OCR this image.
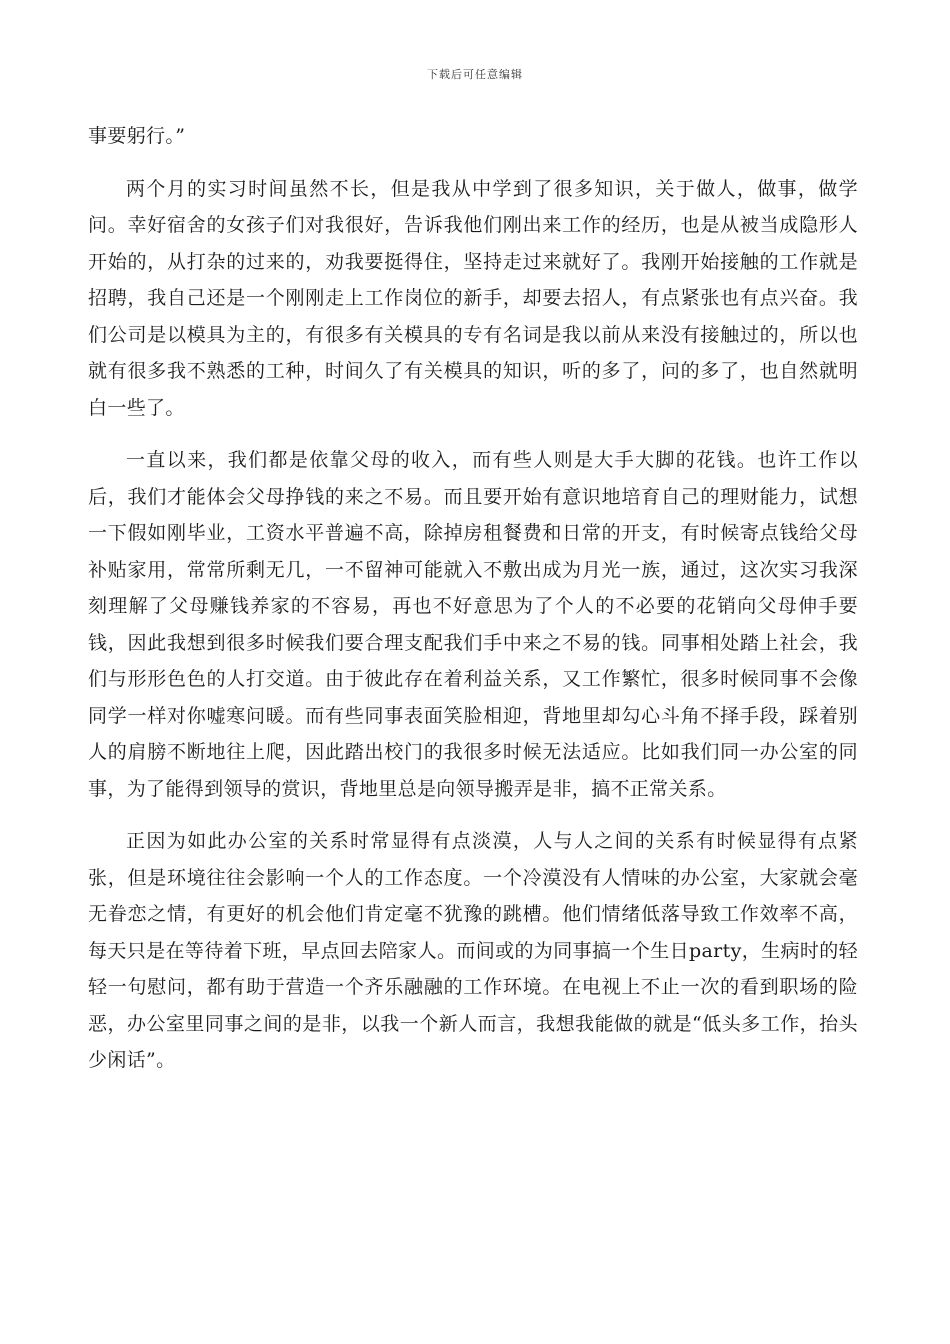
下载后可任意编辑

事要躬行。”

两个月的实习时间虽然不长，但是我从中学到了很多知识，关于做人，做事，做学问。幸好宿舍的女孩子们对我很好，告诉我他们刚出来工作的经历，也是从被当成隐形人开始的，从打杂的过来的，劝我要挺得住，坚持走过来就好了。我刚开始接触的工作就是招聘，我自己还是一个刚刚走上工作岗位的新手，却要去招人，有点紧张也有点兴奋。我们公司是以模具为主的，有很多有关模具的专有名词是我以前从来没有接触过的，所以也就有很多我不熟悉的工种，时间久了有关模具的知识，听的多了，问的多了，也自然就明白一些了。

一直以来，我们都是依靠父母的收入，而有些人则是大手大脚的花钱。也许工作以后，我们才能体会父母挣钱的来之不易。而且要开始有意识地培育自己的理财能力，试想一下假如刚毕业，工资水平普遍不高，除掉房租餐费和日常的开支，有时候寄点钱给父母补贴家用，常常所剩无几，一不留神可能就入不敷出成为月光一族，通过，这次实习我深刻理解了父母赚钱养家的不容易，再也不好意思为了个人的不必要的花销向父母伸手要钱，因此我想到很多时候我们要合理支配我们手中来之不易的钱。同事相处踏上社会，我们与形形色色的人打交道。由于彼此存在着利益关系，又工作繁忙，很多时候同事不会像同学一样对你嘘寒问暖。而有些同事表面笑脸相迎，背地里却勾心斗角不择手段，踩着别人的肩膀不断地往上爬，因此踏出校门的我很多时候无法适应。比如我们同一办公室的同事，为了能得到领导的赏识，背地里总是向领导搬弄是非，搞不正常关系。

正因为如此办公室的关系时常显得有点淡漠，人与人之间的关系有时候显得有点紧张，但是环境往往会影响一个人的工作态度。一个冷漠没有人情味的办公室，大家就会毫无眷恋之情，有更好的机会他们肯定毫不犹豫的跳槽。他们情绪低落导致工作效率不高，每天只是在等待着下班，早点回去陪家人。而间或的为同事搞一个生日party，生病时的轻轻一句慰问，都有助于营造一个齐乐融融的工作环境。在电视上不止一次的看到职场的险恶，办公室里同事之间的是非，以我一个新人而言，我想我能做的就是“低头多工作，抬头少闲话”。
